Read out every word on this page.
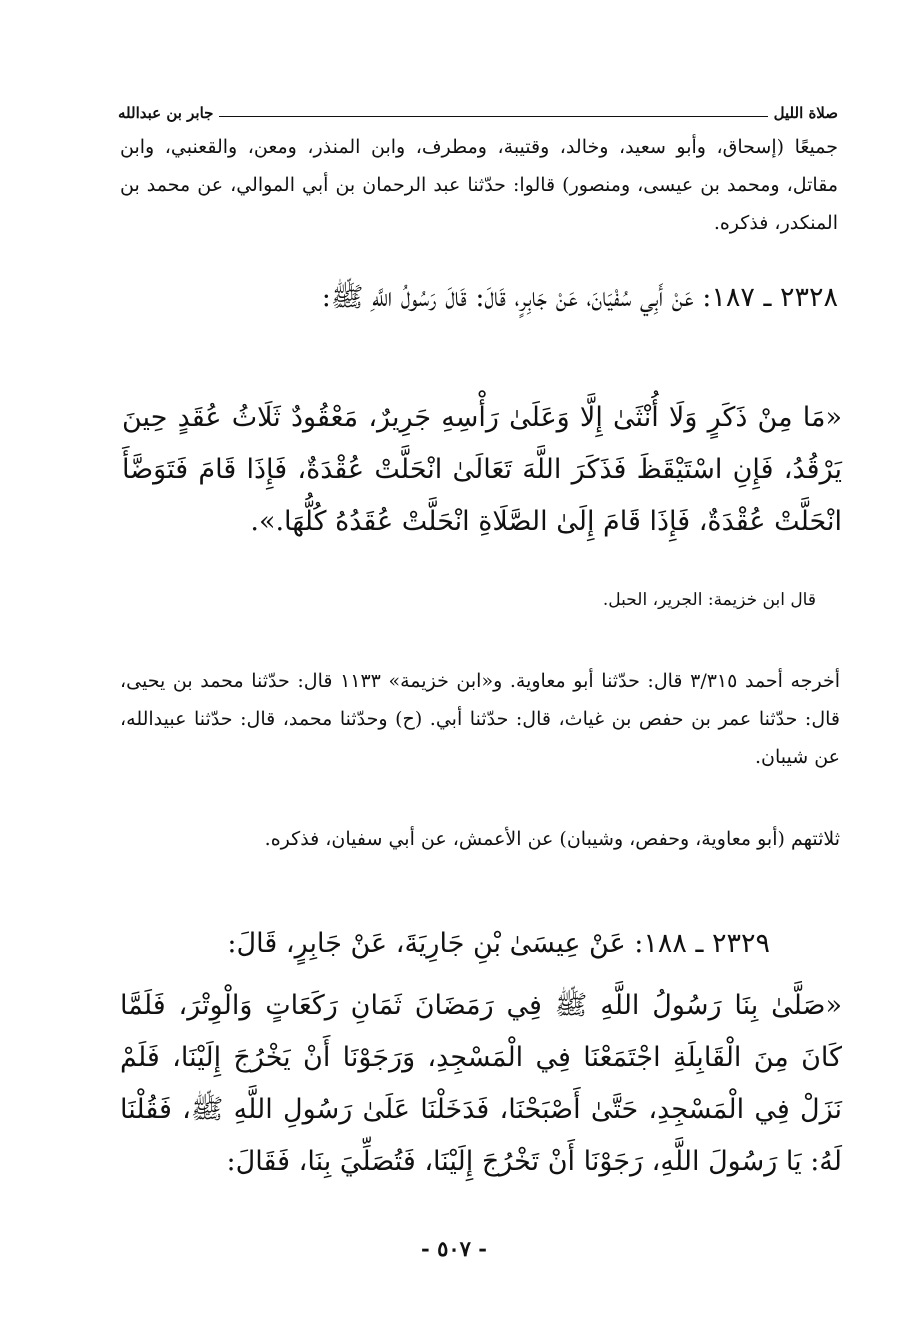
صلاة الليل
جابر بن عبدالله
جميعًا (إسحاق، وأبو سعيد، وخالد، وقتيبة، ومطرف، وابن المنذر، ومعن، والقعنبي، وابن مقاتل، ومحمد بن عيسى، ومنصور) قالوا: حدّثنا عبد الرحمان بن أبي الموالي، عن محمد بن المنكدر، فذكره.
٢٣٢٨ ـ ١٨٧: عَنْ أَبِي سُفْيَانَ، عَنْ جَابِرٍ، قَالَ: قَالَ رَسُولُ اللَّهِ ﷺ:
«مَا مِنْ ذَكَرٍ وَلَا أُنْثَىٰ إِلَّا وَعَلَىٰ رَأْسِهِ جَرِيرٌ، مَعْقُودٌ ثَلَاثُ عُقَدٍ حِينَ يَرْقُدُ، فَإِنِ اسْتَيْقَظَ فَذَكَرَ اللَّهَ تَعَالَىٰ انْحَلَّتْ عُقْدَةٌ، فَإِذَا قَامَ فَتَوَضَّأَ انْحَلَّتْ عُقْدَةٌ، فَإِذَا قَامَ إِلَىٰ الصَّلَاةِ انْحَلَّتْ عُقَدُهُ كُلُّهَا.».
قال ابن خزيمة: الجرير، الحبل.
أخرجه أحمد ٣/٣١٥ قال: حدّثنا أبو معاوية. و«ابن خزيمة» ١١٣٣ قال: حدّثنا محمد بن يحيى، قال: حدّثنا عمر بن حفص بن غياث، قال: حدّثنا أبي. (ح) وحدّثنا محمد، قال: حدّثنا عبيدالله، عن شيبان.
ثلاثتهم (أبو معاوية، وحفص، وشيبان) عن الأعمش، عن أبي سفيان، فذكره.
٢٣٢٩ ـ ١٨٨: عَنْ عِيسَىٰ بْنِ جَارِيَةَ، عَنْ جَابِرٍ، قَالَ:
«صَلَّىٰ بِنَا رَسُولُ اللَّهِ ﷺ فِي رَمَضَانَ ثَمَانِ رَكَعَاتٍ وَالْوِتْرَ، فَلَمَّا كَانَ مِنَ الْقَابِلَةِ اجْتَمَعْنَا فِي الْمَسْجِدِ، وَرَجَوْنَا أَنْ يَخْرُجَ إِلَيْنَا، فَلَمْ نَزَلْ فِي الْمَسْجِدِ، حَتَّىٰ أَصْبَحْنَا، فَدَخَلْنَا عَلَىٰ رَسُولِ اللَّهِ ﷺ، فَقُلْنَا لَهُ: يَا رَسُولَ اللَّهِ، رَجَوْنَا أَنْ تَخْرُجَ إِلَيْنَا، فَتُصَلِّيَ بِنَا، فَقَالَ:
- ٥٠٧ -
